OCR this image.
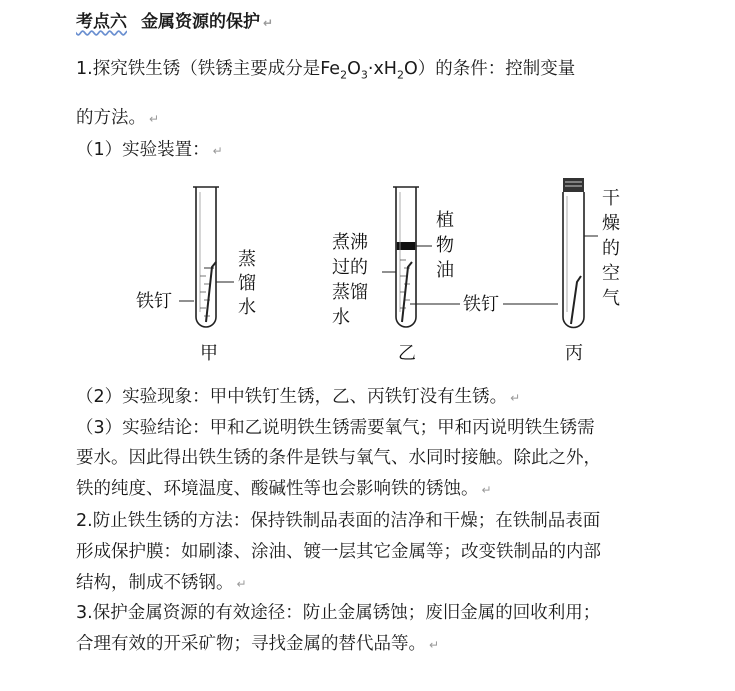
考点六 金属资源的保护 ↵
1.探究铁生锈（铁锈主要成分是$Fe_2O_3\cdot xH_2O$）的条件：控制变量
的方法。 ↵
（1）实验装置： ↵
铁钉
蒸
馏
水
甲
煮沸
过的
蒸馏
水
植
物
油
铁钉
乙
干
燥
的
空
气
丙
（2）实验现象：甲中铁钉生锈，乙、丙铁钉没有生锈。 ↵
（3）实验结论：甲和乙说明铁生锈需要氧气；甲和丙说明铁生锈需
要水。因此得出铁生锈的条件是铁与氧气、水同时接触。除此之外，
铁的纯度、环境温度、酸碱性等也会影响铁的锈蚀。 ↵
2.防止铁生锈的方法：保持铁制品表面的洁净和干燥；在铁制品表面
形成保护膜：如刷漆、涂油、镀一层其它金属等；改变铁制品的内部
结构，制成不锈钢。 ↵
3.保护金属资源的有效途径：防止金属锈蚀；废旧金属的回收利用；
合理有效的开采矿物；寻找金属的替代品等。 ↵
